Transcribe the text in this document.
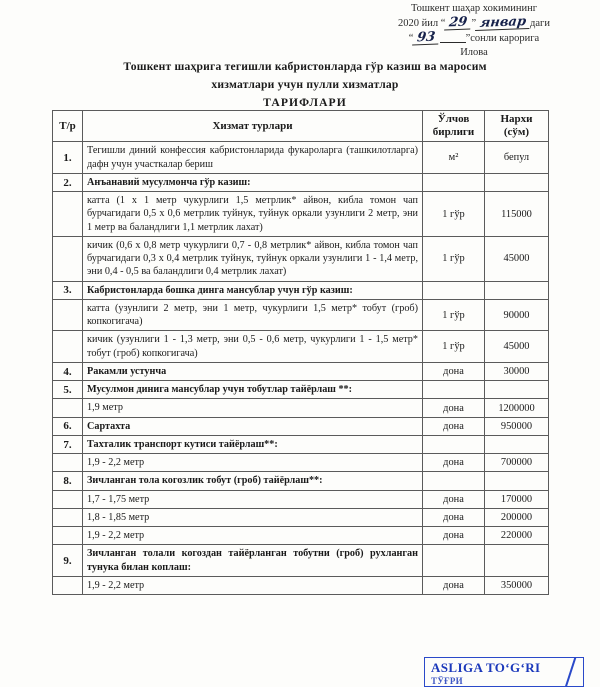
Тошкент шаҳар хокимининг
2020 йил “ 29 ” январ даги
“ 93	”сонли карорига
Илова
Тошкент шаҳрига тегишли кабристонларда гўр казиш ва маросим
хизматлари учун пулли хизматлар
ТАРИФЛАРИ
Т/р	Хизмат турлари	Ўлчов бирлиги	Нархи (сўм)
1.	Тегишли диний конфессия кабристонларида фукароларга (ташкилотларга) дафн учун участкалар бериш	м²	бепул
2.	Анъанавий мусулмонча гўр казиш:		
	катта (1 х 1 метр чукурлиги 1,5 метрлик* айвон, кибла томон чап бурчагидаги 0,5 х 0,6 метрлик туйнук, туйнук оркали узунлиги 2 метр, эни 1 метр ва баландлиги 1,1 метрлик лахат)	1 гўр	115000
	кичик (0,6 х 0,8 метр чукурлиги 0,7 - 0,8 метрлик* айвон, кибла томон чап бурчагидаги 0,3 х 0,4 метрлик туйнук, туйнук оркали узунлиги 1 - 1,4 метр, эни 0,4 - 0,5 ва баландлиги 0,4 метрлик лахат)	1 гўр	45000
3.	Кабристонларда бошка динга мансублар учун гўр казиш:		
	катта (узунлиги 2 метр, эни 1 метр, чукурлиги 1,5 метр* тобут (гроб) копкогигача)	1 гўр	90000
	кичик (узунлиги 1 - 1,3 метр, эни 0,5 - 0,6 метр, чукурлиги 1 - 1,5 метр* тобут (гроб) копкогигача)	1 гўр	45000
4.	Ракамли устунча	дона	30000
5.	Мусулмон динига мансублар учун тобутлар тайёрлаш **:		
	1,9 метр	дона	1200000
6.	Сартахта	дона	950000
7.	Тахталик транспорт кутиси тайёрлаш**:		
	1,9 - 2,2 метр	дона	700000
8.	Зичланган тола когозлик тобут (гроб) тайёрлаш**:		
	1,7 - 1,75 метр	дона	170000
	1,8 - 1,85 метр	дона	200000
	1,9 - 2,2 метр	дона	220000
9.	Зичланган толали когоздан тайёрланган тобутни (гроб) рухланган тунука билан коплаш:		
	1,9 - 2,2 метр	дона	350000
ASLIGA TO‘G‘RI
ТЎҒРИ
